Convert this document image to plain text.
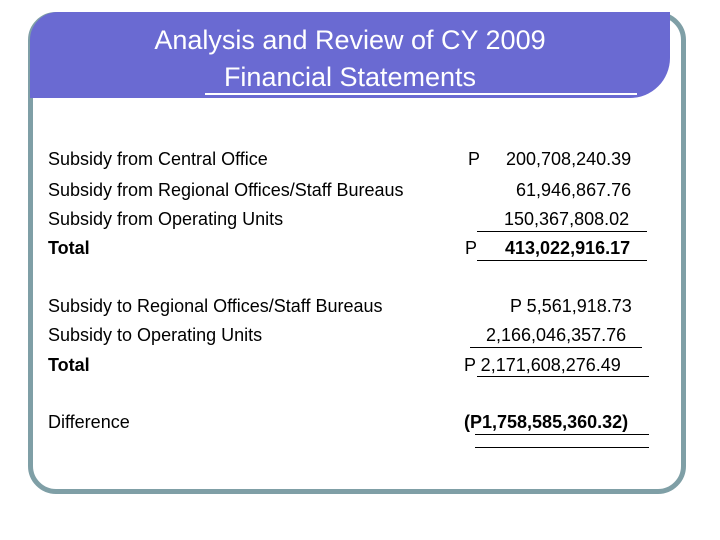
Analysis and Review of CY 2009
Financial Statements
Subsidy from Central Office	P 200,708,240.39
Subsidy from Regional Offices/Staff Bureaus	61,946,867.76
Subsidy from Operating Units	150,367,808.02
Total	P 413,022,916.17
Subsidy to Regional Offices/Staff Bureaus	P 5,561,918.73
Subsidy to Operating Units	2,166,046,357.76
Total	P 2,171,608,276.49
Difference	(P1,758,585,360.32)
